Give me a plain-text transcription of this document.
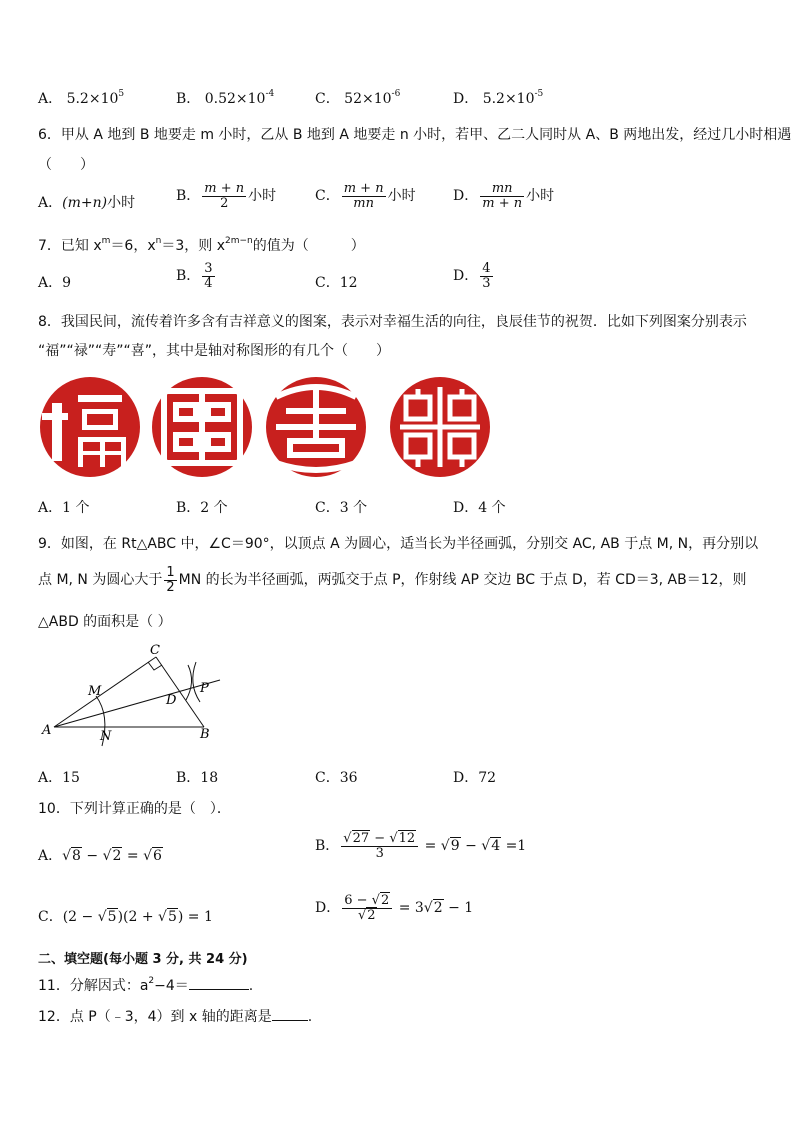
A． $5.2\times 10^5$	B． $0.52\times 10^{-4}$	C． $52\times 10^{-6}$	D． $5.2\times 10^{-5}$
6．甲从 A 地到 B 地要走 m 小时，乙从 B 地到 A 地要走 n 小时，若甲、乙二人同时从 A、B 两地出发，经过几小时相遇
（　　）
A．(m+n)小时	B． $\frac{m + n}{2}$ 小时	C． $\frac{m + n}{mn}$ 小时	D． $\frac{mn}{m + n}$ 小时
7．已知 $x^m=6$，$x^n=3$，则 $x^{2m-n}$的值为（　　　）
A．9	B． $\frac{3}{4}$	C．12	D． $\frac{4}{3}$
8．我国民间，流传着许多含有吉祥意义的图案，表示对幸福生活的向往，良辰佳节的祝贺．比如下列图案分别表示
“福”“禄”“寿”“喜”，其中是轴对称图形的有几个（　　）
A．1 个	B．2 个	C．3 个	D．4 个
9．如图，在 Rt△ABC 中，∠C＝90°，以顶点 A 为圆心，适当长为半径画弧，分别交 AC, AB 于点 M, N，再分别以
点 M, N 为圆心大于 $\frac{1}{2}$ MN 的长为半径画弧，两弧交于点 P，作射线 AP 交边 BC 于点 D，若 CD＝3, AB＝12，则
△ABD 的面积是（ ）
C
M
D
P
A	N	B
A．15	B．18	C．36	D．72
10．下列计算正确的是（　）．
A．√8 − √2 = √6
B． $\frac{√27 - √12}{3} = √9 - √4 =1$
C．(2 − √5)(2 + √5) = 1
D． $\frac{6 - √2}{√2} = 3√2 - 1$
二、填空题(每小题 3 分, 共 24 分)
11．分解因式：$a^2-4=$	.
12．点 P（﹣3，4）到 x 轴的距离是	.
